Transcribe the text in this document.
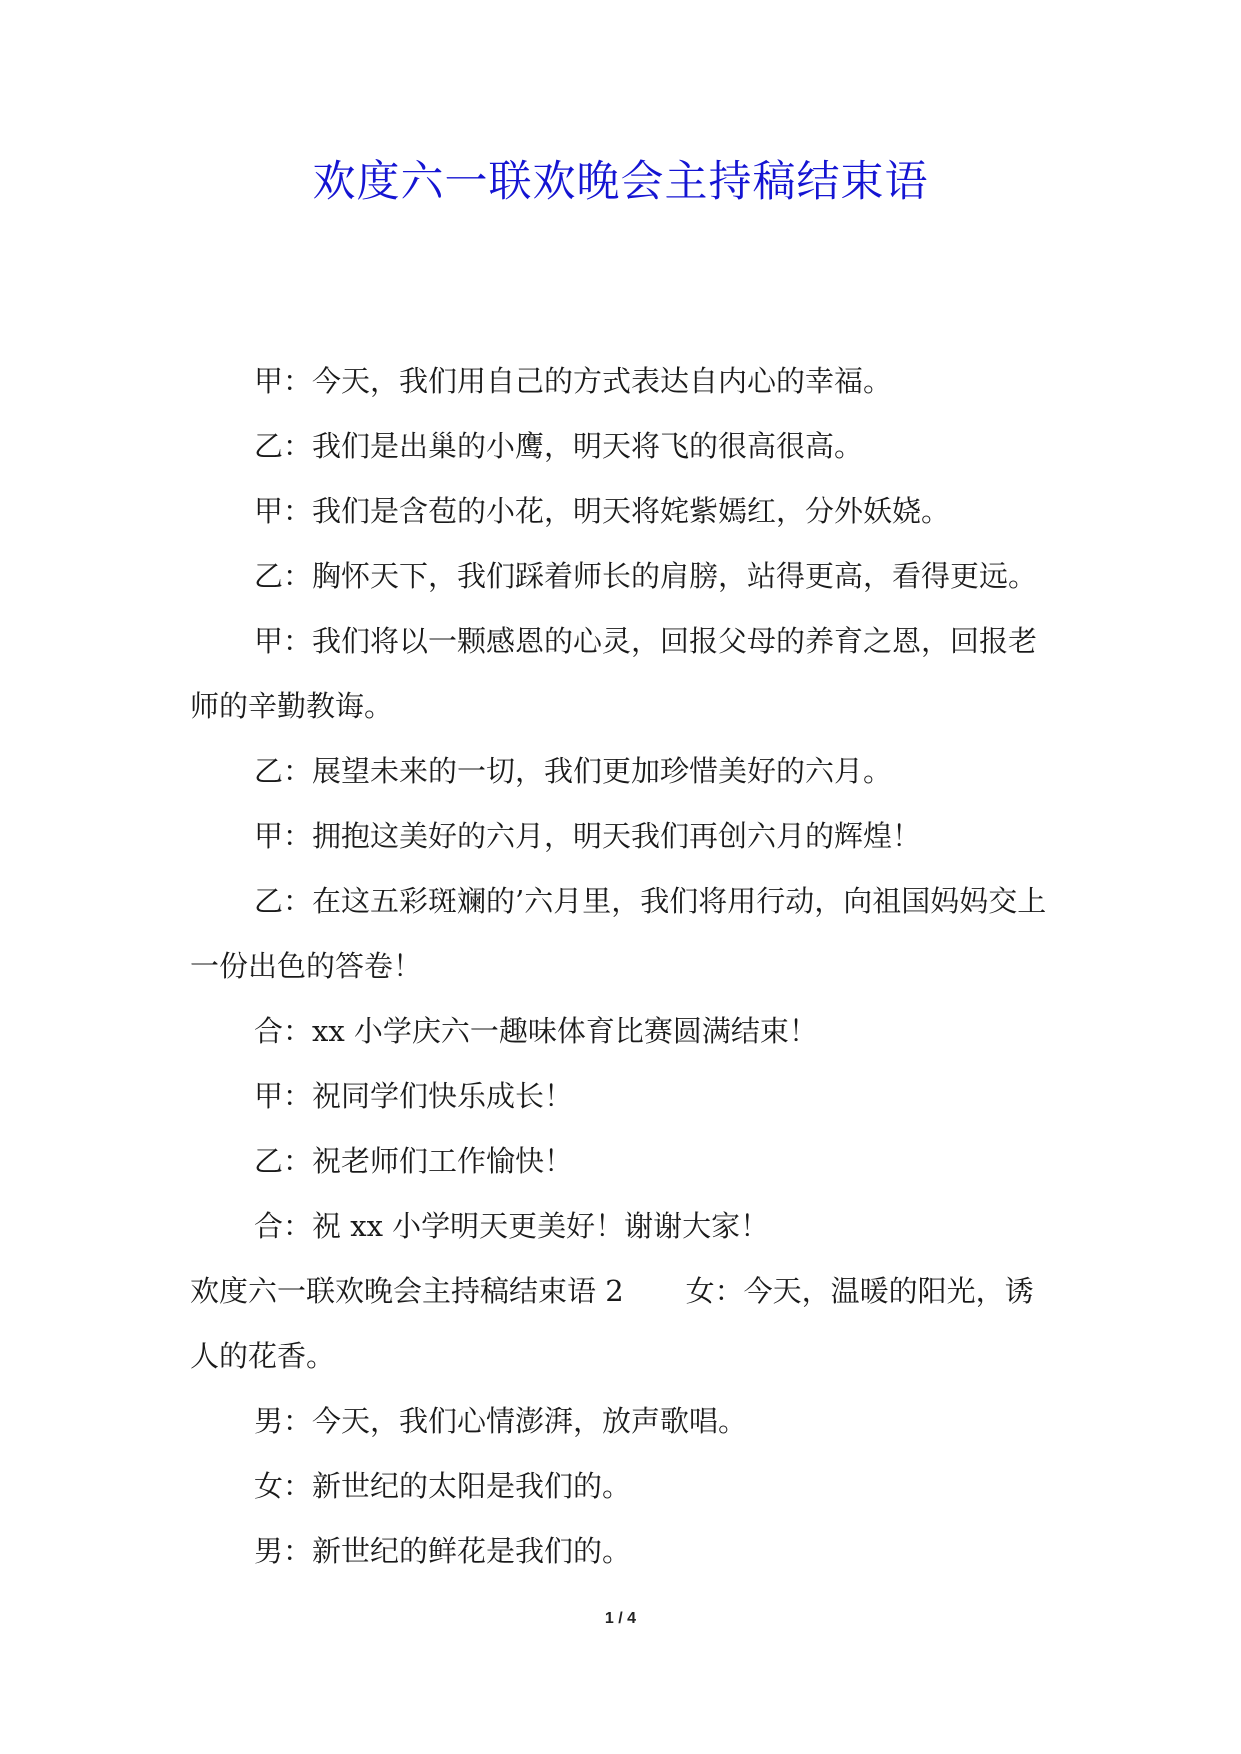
欢度六一联欢晚会主持稿结束语

甲：今天，我们用自己的方式表达自内心的幸福。

乙：我们是出巢的小鹰，明天将飞的很高很高。

甲：我们是含苞的小花，明天将姹紫嫣红，分外妖娆。

乙：胸怀天下，我们踩着师长的肩膀，站得更高，看得更远。

甲：我们将以一颗感恩的心灵，回报父母的养育之恩，回报老师的辛勤教诲。

乙：展望未来的一切，我们更加珍惜美好的六月。

甲：拥抱这美好的六月，明天我们再创六月的辉煌！

乙：在这五彩斑斓的’六月里，我们将用行动，向祖国妈妈交上一份出色的答卷！

合：xx 小学庆六一趣味体育比赛圆满结束！

甲：祝同学们快乐成长！

乙：祝老师们工作愉快！

合：祝 xx 小学明天更美好！谢谢大家！

欢度六一联欢晚会主持稿结束语 2 女：今天，温暖的阳光，诱人的花香。

男：今天，我们心情澎湃，放声歌唱。

女：新世纪的太阳是我们的。

男：新世纪的鲜花是我们的。

1 / 4
